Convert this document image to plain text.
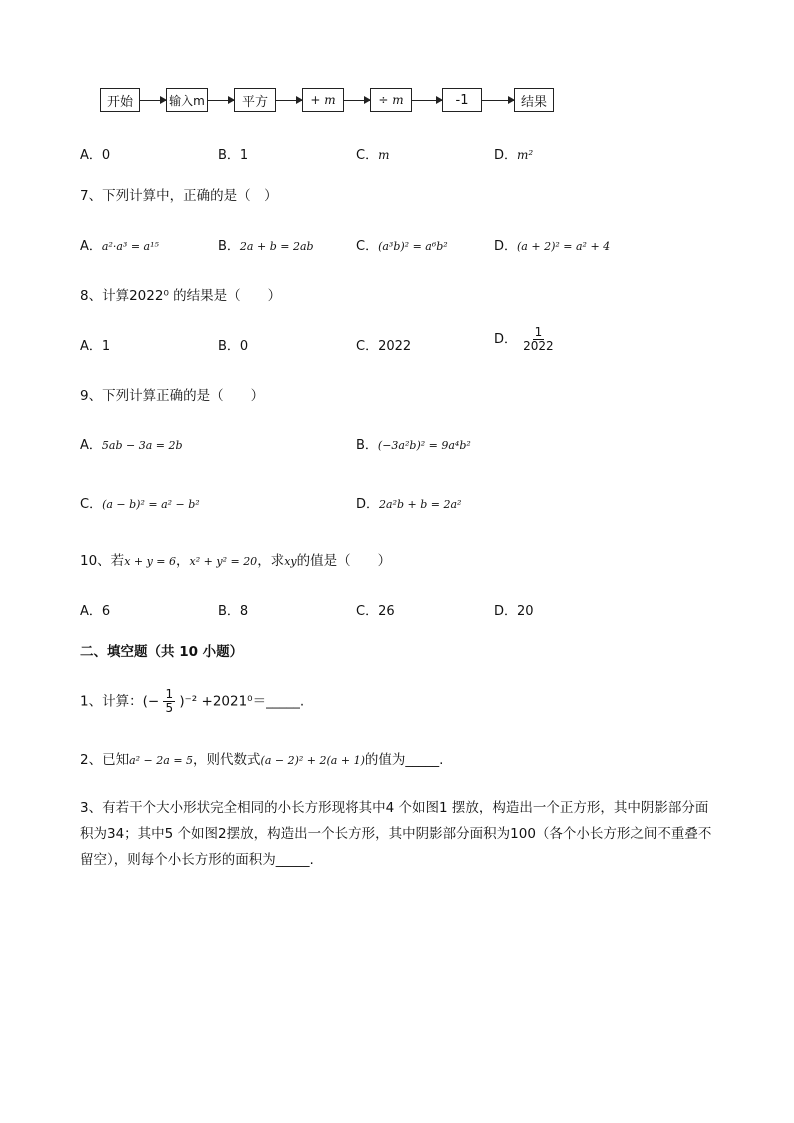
开始	输入m	平方	+ m	÷ m	-1	结果
A．0	B．1	C．m	D．m²
7、下列计算中，正确的是（　）
A．a²·a³ = a¹⁵	B．2a + b = 2ab	C．(a³b)² = a⁶b²	D．(a + 2)² = a² + 4
8、计算2022⁰ 的结果是（　　）
A．1	B．0	C．2022	D． $\frac{1}{2022}$
9、下列计算正确的是（　　）
A．5ab − 3a = 2b	B．(−3a²b)² = 9a⁴b²
C．(a − b)² = a² − b²	D．2a²b + b = 2a²
10、若x + y = 6，x² + y² = 20，求xy的值是（　　）
A．6	B．8	C．26	D．20
二、填空题（共 10 小题）
1、计算：(− $\frac{1}{5} )^{-2}$ +2021⁰＝_____.
2、已知a² − 2a = 5，则代数式(a − 2)² + 2(a + 1)的值为_____.
3、有若干个大小形状完全相同的小长方形现将其中4 个如图1 摆放，构造出一个正方形，其中阴影部分面积为34；其中5 个如图2摆放，构造出一个长方形，其中阴影部分面积为100（各个小长方形之间不重叠不留空），则每个小长方形的面积为_____.
